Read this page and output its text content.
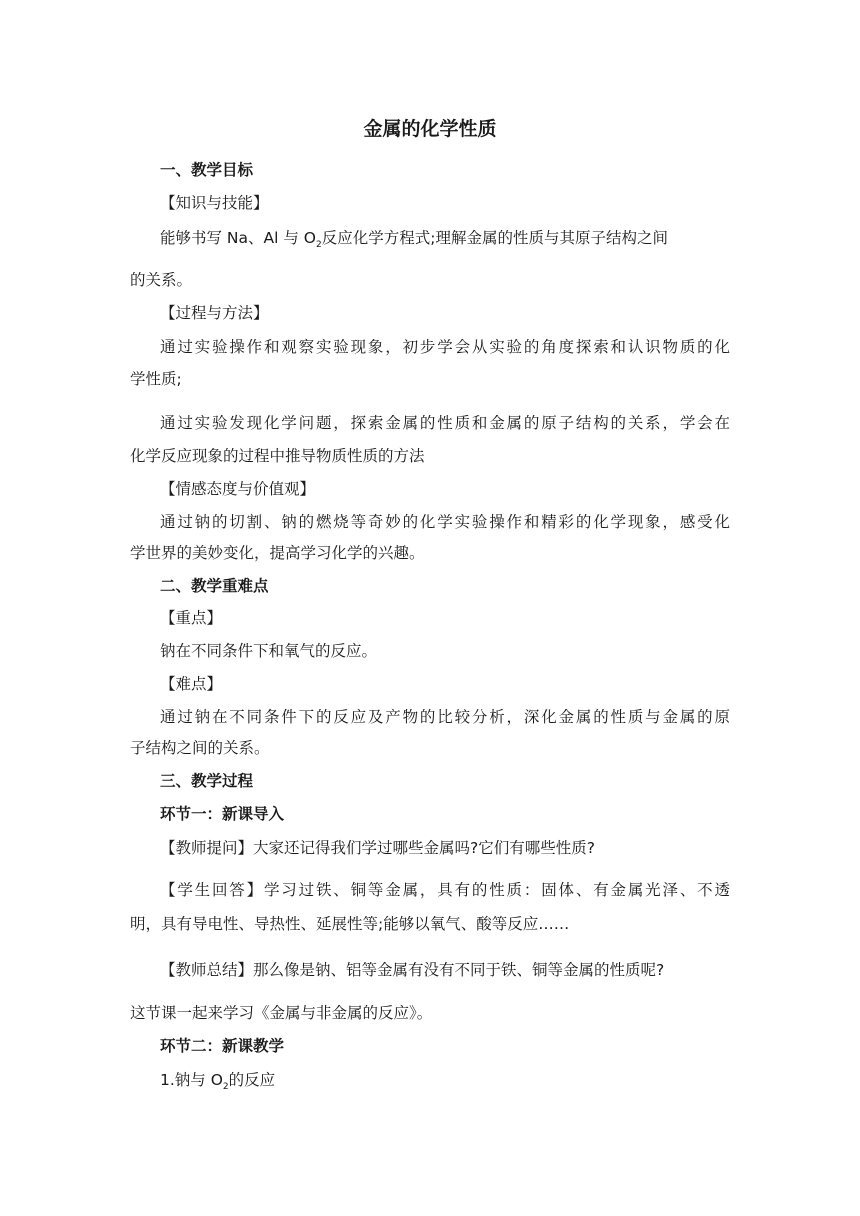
金属的化学性质

一、教学目标

【知识与技能】

能够书写 Na、Al 与 $O_2$反应化学方程式;理解金属的性质与其原子结构之间

的关系。

【过程与方法】

通过实验操作和观察实验现象，初步学会从实验的角度探索和认识物质的化

学性质;

通过实验发现化学问题，探索金属的性质和金属的原子结构的关系，学会在

化学反应现象的过程中推导物质性质的方法

【情感态度与价值观】

通过钠的切割、钠的燃烧等奇妙的化学实验操作和精彩的化学现象，感受化

学世界的美妙变化，提高学习化学的兴趣。

二、教学重难点

【重点】

钠在不同条件下和氧气的反应。

【难点】

通过钠在不同条件下的反应及产物的比较分析，深化金属的性质与金属的原

子结构之间的关系。

三、教学过程

环节一：新课导入

【教师提问】大家还记得我们学过哪些金属吗?它们有哪些性质?

【学生回答】学习过铁、铜等金属，具有的性质：固体、有金属光泽、不透

明，具有导电性、导热性、延展性等;能够以氧气、酸等反应……

【教师总结】那么像是钠、铝等金属有没有不同于铁、铜等金属的性质呢?

这节课一起来学习《金属与非金属的反应》。

环节二：新课教学

1.钠与 $O_2$的反应
